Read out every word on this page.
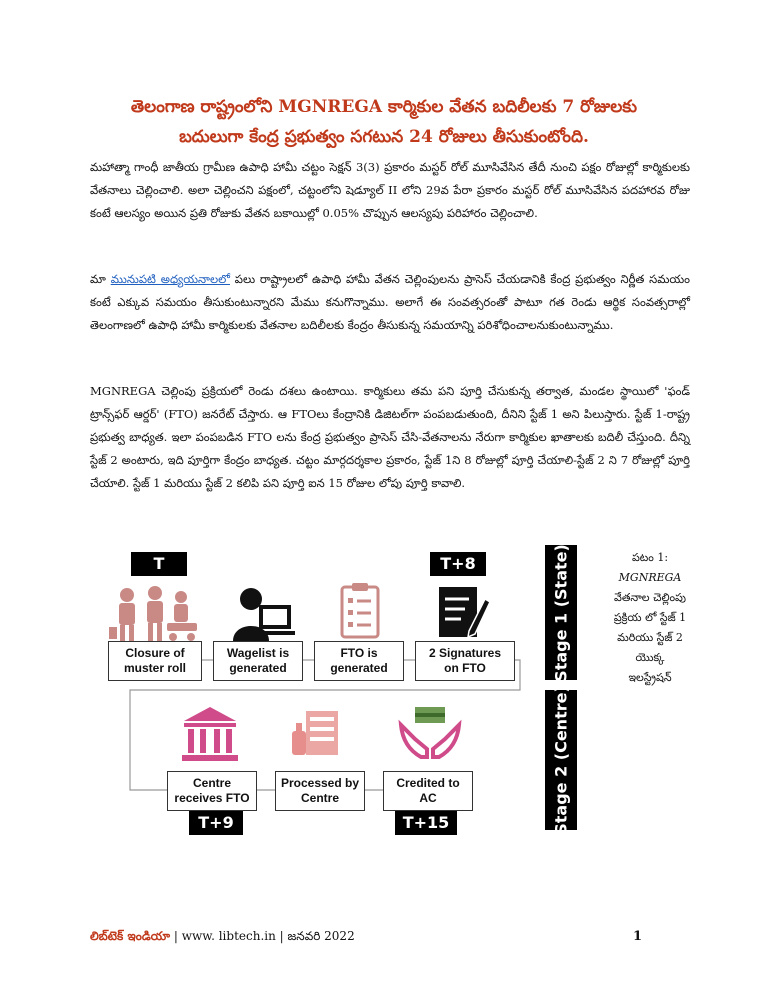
తెలంగాణ రాష్ట్రంలోని MGNREGA కార్మికుల వేతన బదిలీలకు 7 రోజులకు
బదులుగా కేంద్ర ప్రభుత్వం సగటున 24 రోజులు తీసుకుంటోంది.

మహాత్మా గాంధీ జాతీయ గ్రామీణ ఉపాధి హామీ చట్టం సెక్షన్ 3(3) ప్రకారం మస్టర్ రోల్ మూసివేసిన తేదీ నుంచి పక్షం రోజుల్లో కార్మికులకు వేతనాలు చెల్లించాలి. అలా చెల్లించని పక్షంలో, చట్టంలోని షెడ్యూల్ II లోని 29వ పేరా ప్రకారం మస్టర్ రోల్ మూసివేసిన పదహారవ రోజు కంటే ఆలస్యం అయిన ప్రతి రోజుకు వేతన బకాయిల్లో 0.05% చొప్పున ఆలస్యపు పరిహారం చెల్లించాలి.

మా మునుపటి అధ్యయనాలలో పలు రాష్ట్రాలలో ఉపాధి హామీ వేతన చెల్లింపులను ప్రాసెస్ చేయడానికి కేంద్ర ప్రభుత్వం నిర్ణీత సమయం కంటే ఎక్కువ సమయం తీసుకుంటున్నారని మేము కనుగొన్నాము. అలాగే ఈ సంవత్సరంతో పాటూ గత రెండు ఆర్థిక సంవత్సరాల్లో తెలంగాణలో ఉపాధి హామీ కార్మికులకు వేతనాల బదిలీలకు కేంద్రం తీసుకున్న సమయాన్ని పరిశోధించాలనుకుంటున్నాము.

MGNREGA చెల్లింపు ప్రక్రియలో రెండు దశలు ఉంటాయి. కార్మికులు తమ పని పూర్తి చేసుకున్న తర్వాత, మండల స్థాయిలో 'ఫండ్ ట్రాన్స్‌ఫర్ ఆర్డర్' (FTO) జనరేట్ చేస్తారు. ఆ FTOలు కేంద్రానికి డిజిటల్‌గా పంపబడుతుంది, దీనిని స్టేజ్ 1 అని పిలుస్తారు. స్టేజ్ 1-రాష్ట్ర ప్రభుత్వ బాధ్యత. ఇలా పంపబడిన FTO లను కేంద్ర ప్రభుత్వం ప్రాసెస్ చేసి-వేతనాలను నేరుగా కార్మికుల ఖాతాలకు బదిలీ చేస్తుంది. దీన్ని స్టేజ్ 2 అంటారు, ఇది పూర్తిగా కేంద్రం బాధ్యత. చట్టం మార్గదర్శకాల ప్రకారం, స్టేజ్ 1ని 8 రోజుల్లో పూర్తి చేయాలి-స్టేజ్ 2 ని 7 రోజుల్లో పూర్తి చేయాలి. స్టేజ్ 1 మరియు స్టేజ్ 2 కలిపి పని పూర్తి ఐన 15 రోజుల లోపు పూర్తి కావాలి.

T	T+8
Closure of
muster roll
Wagelist is
generated
FTO is
generated
2 Signatures
on FTO
Centre
receives FTO
Processed by
Centre
Credited to
AC
T+9	T+15
Stage 1 (State)
Stage 2 (Centre)
పటం 1:
MGNREGA
వేతనాల చెల్లింపు
ప్రక్రియ లో స్టేజ్ 1
మరియు స్టేజ్ 2
యొక్క
ఇలస్ట్రేషన్
లిబ్‌టెక్ ఇండియా | www. libtech.in | జనవరి 2022	1
